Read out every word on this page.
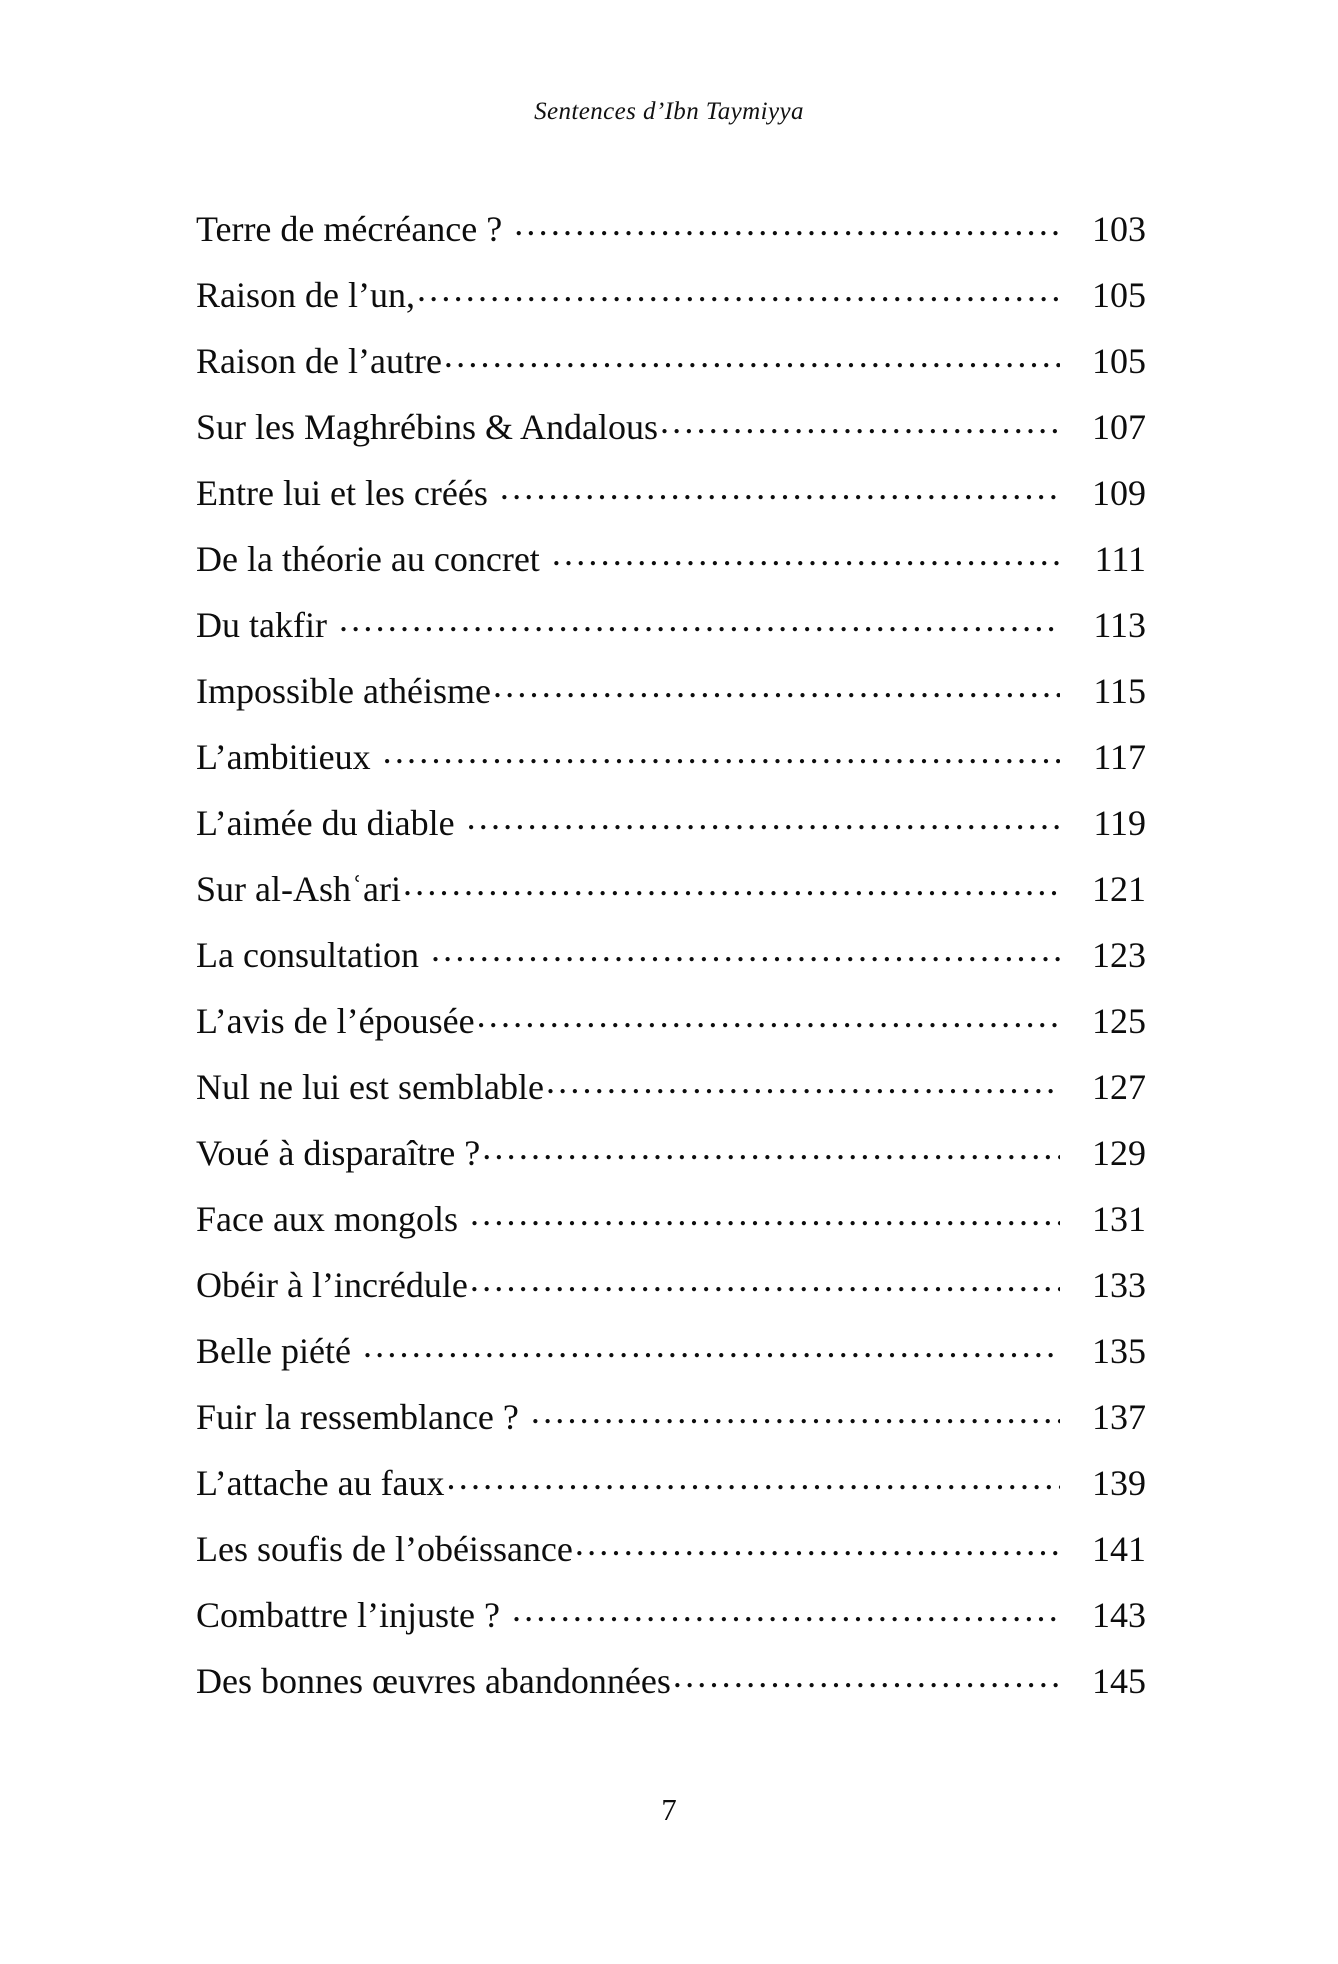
Sentences d’Ibn Taymiyya
Terre de mécréance ? .....	103
Raison de l’un, .....	105
Raison de l’autre .....	105
Sur les Maghrébins & Andalous .....	107
Entre lui et les créés .....	109
De la théorie au concret .....	111
Du takfir .....	113
Impossible athéisme .....	115
L’ambitieux .....	117
L’aimée du diable .....	119
Sur al-Ashʿari .....	121
La consultation .....	123
L’avis de l’épousée .....	125
Nul ne lui est semblable .....	127
Voué à disparaître ? .....	129
Face aux mongols .....	131
Obéir à l’incrédule .....	133
Belle piété .....	135
Fuir la ressemblance ? .....	137
L’attache au faux .....	139
Les soufis de l’obéissance .....	141
Combattre l’injuste ? .....	143
Des bonnes œuvres abandonnées .....	145
7
